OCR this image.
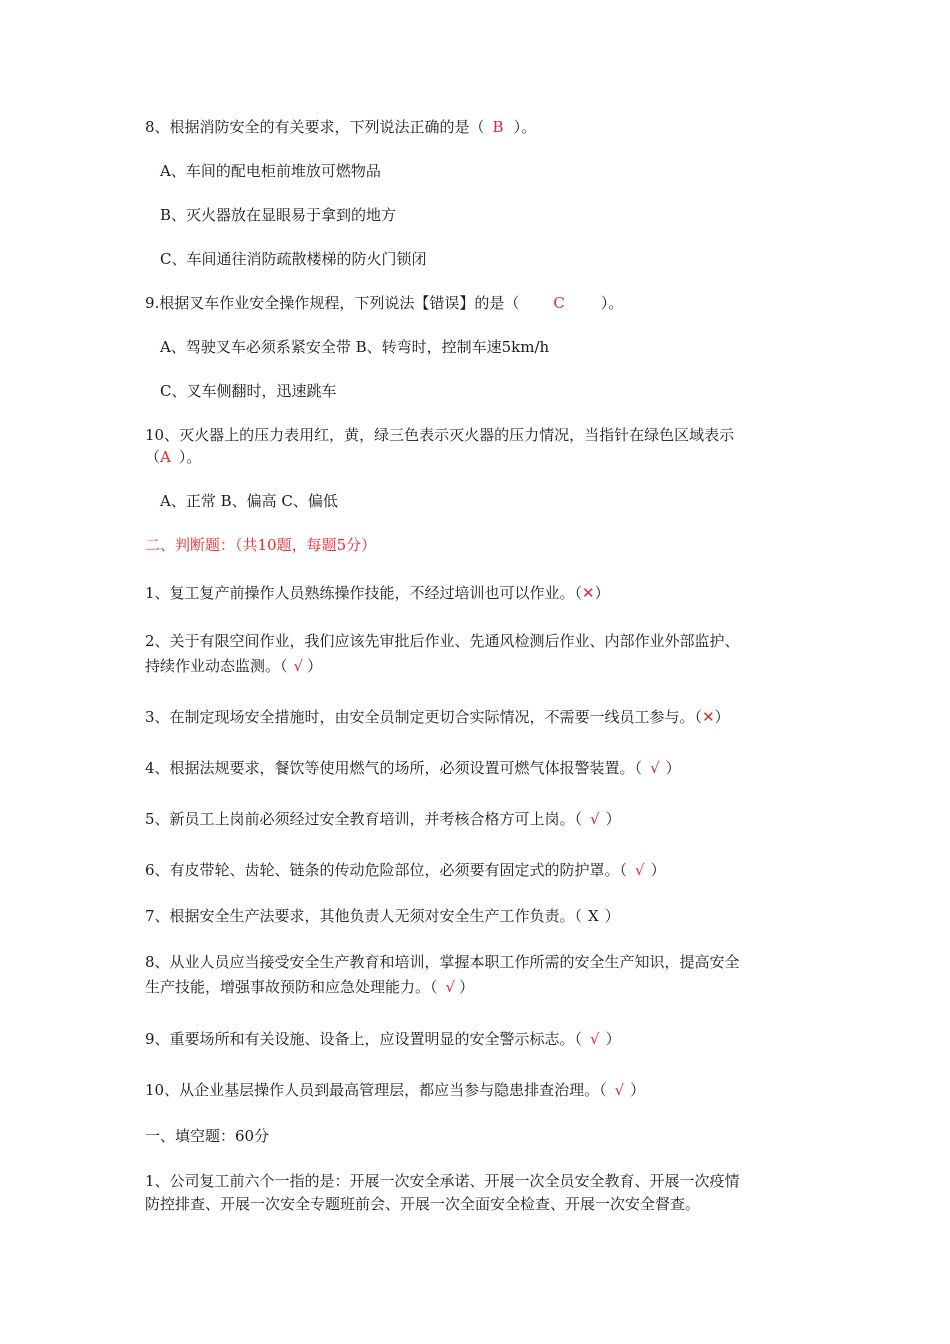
8、根据消防安全的有关要求，下列说法正确的是（ B ）。
A、车间的配电柜前堆放可燃物品
B、灭火器放在显眼易于拿到的地方
C、车间通往消防疏散楼梯的防火门锁闭
9.根据叉车作业安全操作规程，下列说法【错误】的是（ C ）。
A、驾驶叉车必须系紧安全带 B、转弯时，控制车速5km/h
C、叉车侧翻时，迅速跳车
10、灭火器上的压力表用红，黄，绿三色表示灭火器的压力情况，当指针在绿色区域表示
（A ）。
A、正常 B、偏高 C、偏低
二、判断题：（共10题，每题5分）
1、复工复产前操作人员熟练操作技能，不经过培训也可以作业。（✕）
2、关于有限空间作业，我们应该先审批后作业、先通风检测后作业、内部作业外部监护、
持续作业动态监测。（ √ ）
3、在制定现场安全措施时，由安全员制定更切合实际情况，不需要一线员工参与。（✕）
4、根据法规要求，餐饮等使用燃气的场所，必须设置可燃气体报警装置。（ √ ）
5、新员工上岗前必须经过安全教育培训，并考核合格方可上岗。（ √ ）
6、有皮带轮、齿轮、链条的传动危险部位，必须要有固定式的防护罩。（ √ ）
7、根据安全生产法要求，其他负责人无须对安全生产工作负责。（ X ）
8、从业人员应当接受安全生产教育和培训，掌握本职工作所需的安全生产知识，提高安全
生产技能，增强事故预防和应急处理能力。（ √ ）
9、重要场所和有关设施、设备上，应设置明显的安全警示标志。（ √ ）
10、从企业基层操作人员到最高管理层，都应当参与隐患排查治理。（ √ ）
一、填空题：60分
1、公司复工前六个一指的是：开展一次安全承诺、开展一次全员安全教育、开展一次疫情
防控排查、开展一次安全专题班前会、开展一次全面安全检查、开展一次安全督查。
